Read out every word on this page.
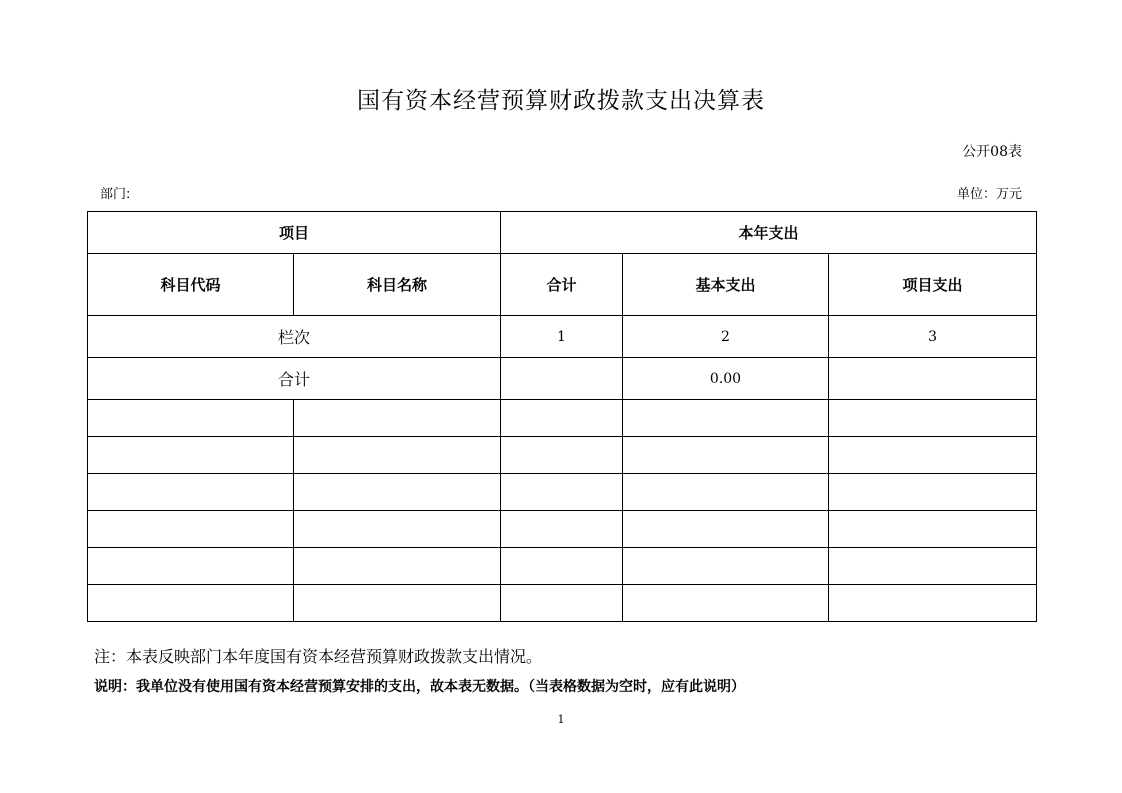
国有资本经营预算财政拨款支出决算表
公开08表
部门:	单位：万元
项目		本年支出		
科目代码	科目名称	合计	基本支出	项目支出
栏次		1	2	3
合计			0.00	

注：本表反映部门本年度国有资本经营预算财政拨款支出情况。
说明：我单位没有使用国有资本经营预算安排的支出，故本表无数据。（当表格数据为空时，应有此说明）
1
